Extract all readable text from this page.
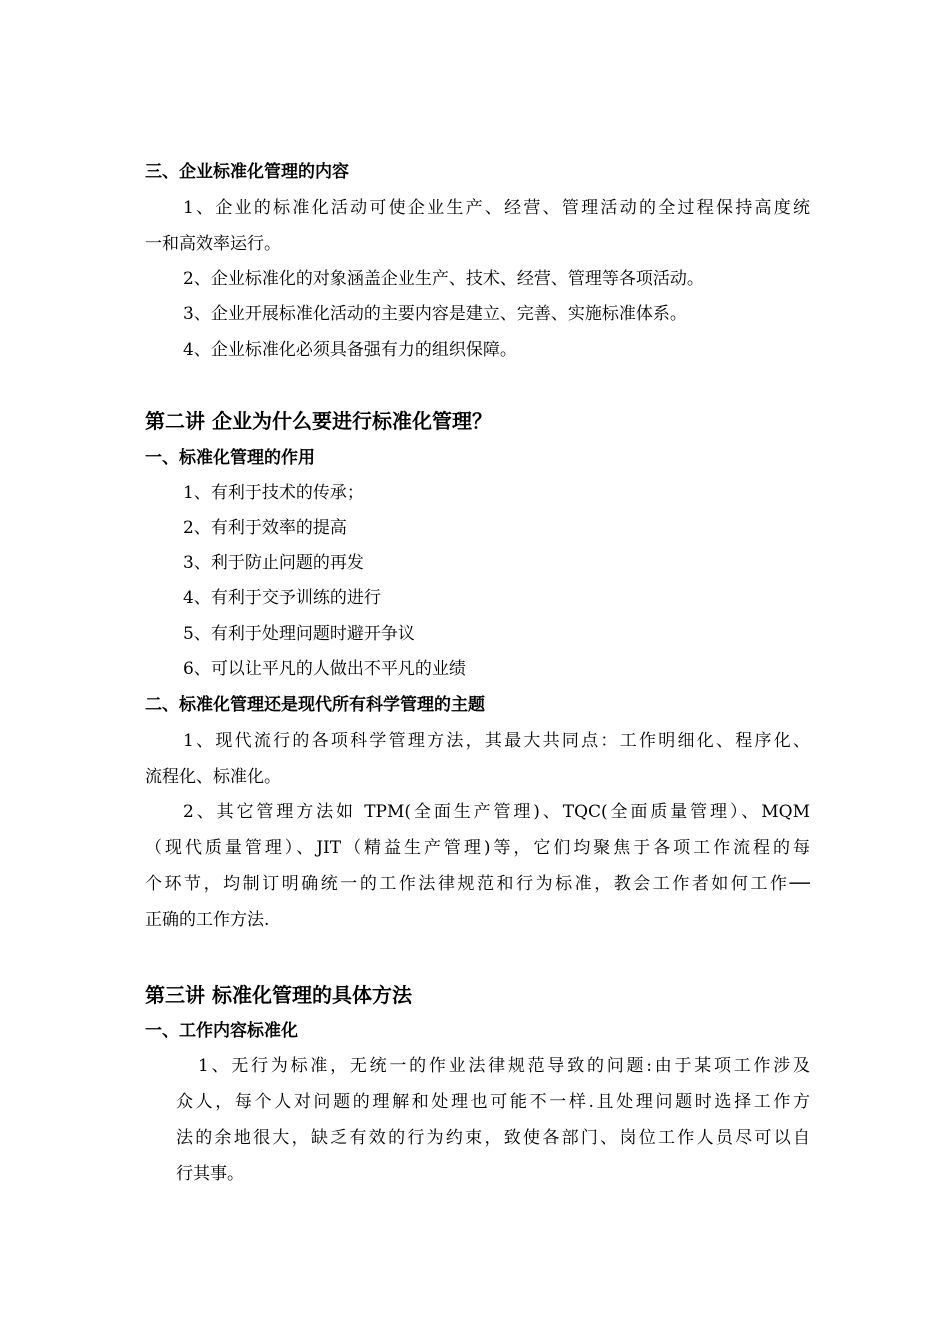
三、企业标准化管理的内容
1、企业的标准化活动可使企业生产、经营、管理活动的全过程保持高度统
一和高效率运行。
2、企业标准化的对象涵盖企业生产、技术、经营、管理等各项活动。
3、企业开展标准化活动的主要内容是建立、完善、实施标准体系。
4、企业标准化必须具备强有力的组织保障。
第二讲 企业为什么要进行标准化管理？
一、标准化管理的作用
1、有利于技术的传承；
2、有利于效率的提高
3、利于防止问题的再发
4、有利于交予训练的进行
5、有利于处理问题时避开争议
6、可以让平凡的人做出不平凡的业绩
二、标准化管理还是现代所有科学管理的主题
1、现代流行的各项科学管理方法，其最大共同点：工作明细化、程序化、
流程化、标准化。
2、其它管理方法如 TPM(全面生产管理)、TQC(全面质量管理）、MQM
（现代质量管理）、JIT（精益生产管理)等，它们均聚焦于各项工作流程的每
个环节，均制订明确统一的工作法律规范和行为标准，教会工作者如何工作──
正确的工作方法.
第三讲 标准化管理的具体方法
一、工作内容标准化
1、无行为标准，无统一的作业法律规范导致的问题:由于某项工作涉及
众人，每个人对问题的理解和处理也可能不一样.且处理问题时选择工作方
法的余地很大，缺乏有效的行为约束，致使各部门、岗位工作人员尽可以自
行其事。
